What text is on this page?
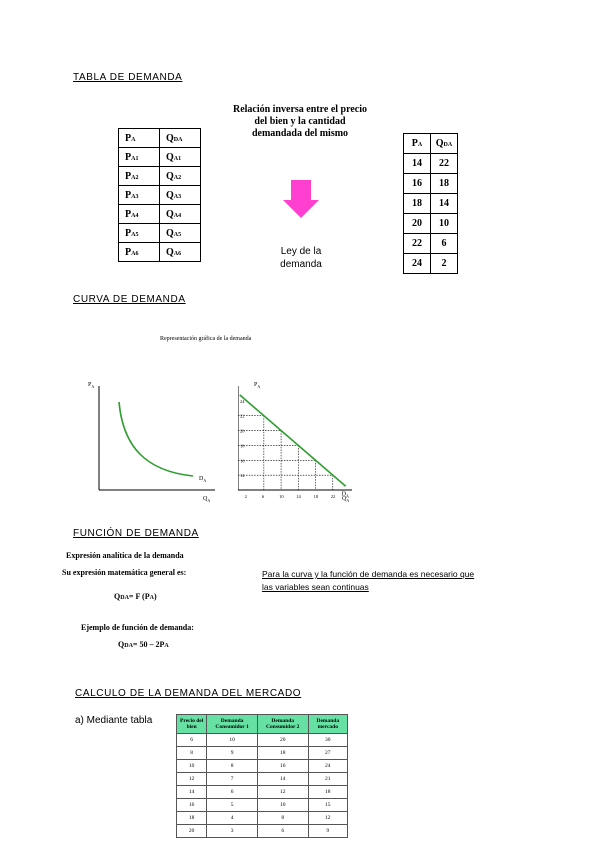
TABLA DE DEMANDA
CURVA DE DEMANDA
FUNCIÓN DE DEMANDA
CALCULO DE LA DEMANDA DEL MERCADO
PA	QDA
PA1	QA1
PA2	QA2
PA3	QA3
PA4	QA4
PA5	QA5
PA6	QA6
Relación inversa entre el precio
del bien y la cantidad
demandada del mismo
Ley de la
demanda
PA	QDA
14	22
16	18
18	14
20	10
22	6
24	2
Representación gráfica de la demanda
$P_A$
$D_A$
$Q_A$
$P_A$
24
22
20
18
16
14
2	6	10	14	18	22 $D_A$
$Q_A$
Expresión analítica de la demanda
Su expresión matemática general es:
QDA= F (PA)
Para la curva y la función de demanda es necesario que
las variables sean continuas
Ejemplo de función de demanda:
QDA= 50 – 2PA
a) Mediante tabla	Precio del bien	Demanda Consumidor 1	Demanda Consumidor 2	Demanda mercado
6	10	20	30
8	9	18	27
10	8	16	24
12	7	14	21
14	6	12	18
16	5	10	15
18	4	8	12
20	3	6	9
